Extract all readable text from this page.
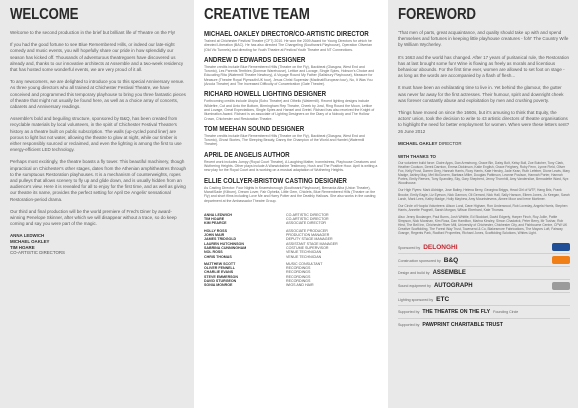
WELCOME

Welcome to the second production in the brief but brilliant life of Theatre on the Fly!

If you had the good fortune to see Blue Remembered Hills, or indeed our late-night comedy and music events, you will hopefully share our pride in how splendidly our season has kicked off. Thousands of adventurous theatregoers have discovered us already and, thanks to our innovative architects at Assemble and a two-week residency that has hosted some wonderful events, we are very proud of it all.

To any newcomers, we are delighted to introduce you to this special Anniversary venue. As three young directors who all trained at Chichester Festival Theatre, we have conceived and programmed this temporary playhouse to bring you three fantastic pieces of theatre that might not usually be found here, as well as a choice array of concerts, cabarets and Anniversary readings.

Assemble's bold and beguiling structure, sponsored by B&Q, has been created from recyclable materials by local volunteers, in the spirit of Chichester Festival Theatre's history as a theatre built on public subscription. The walls (up-cycled pond liner) are porous to light but not water, allowing the theatre to glow at night, while our timber is either responsibly sourced or reclaimed, and even the lighting is among the first to use energy-efficient LED technology.

Perhaps most excitingly, the theatre boasts a fly tower. This beautiful machinery, though impractical on Chichester's other stages, dates from the Athenian amphitheatres through to the sumptuous Restoration playhouses. It is a mechanism of counterweights, ropes and pulleys that allows scenery to fly up and glide down, and is usually hidden from an audience's view. Here it is revealed for all to enjoy for the first time, and as well as giving our theatre its name, provides the perfect setting for April De Angelis' sensational Restoration-period drama.

Our third and final production will be the world premiere of Fred's Diner by award-winning Penelope Skinner, after which we will disappear without a trace, so do keep coming and say you were part of the magic.

ANNA LEDWICH
MICHAEL OAKLEY
TIM HOARE
CO-ARTISTIC DIRECTORS
CREATIVE TEAM
MICHAEL OAKLEY DIRECTOR/CO-ARTISTIC DIRECTOR
Trained at Chichester Festival Theatre (CFT) 2010. He won the 2009 Award for Young Directors for which he directed Liberation (BAC). He has also directed The Changeling (Southwark Playhouse), Operation Oliverian (Old Vic Tunnels) and directing for Youth Theatre at Festival Youth Theatre and NT Connections.
ANDREW D EDWARDS DESIGNER
Theatre credits include Blue Remembered Hills (Theatre on the Fly), Backbeat (Glasgow, West End and Toronto), Les Parents Terribles (Donmar Warehouse), Lettice and Lovage, Single Spies, Hobson's Choice and Educating Rita (Watermill Theatre Newbury), A Voyage Round My Father (Salisbury Playhouse), Measure for Measure (Theatre Royal Plymouth/UK tour), Jesus Christ Superstar (Madinat/European tour), No, It Was You (Arcola Theatre) and The Increased Difficulty of Concentration (Gate Theatre).
RICHARD HOWELL LIGHTING DESIGNER
Forthcoming credits include Utopia (Soho Theatre) and Othello (Watermill). Recent lighting designs include Wildefire, Cut and Unto the Bottom, Birmingham Rep Theatre, Cheek by Jowl, Ring Round the Moon, Lettice and Lovage, Great Expectations, Single Spies and Hansel and Gretel. Richard has also received the Knight of Illumination Award. Richard is an associate of Lighting Designers on the Diary of a Nobody and The Hollow Crown, Chichester and Restoration Theatre.
TOM MEEHAN SOUND DESIGNER
Theatre credits include Blue Remembered Hills (Theatre on the Fly), Backbeat (Glasgow, West End and Toronto), Ghost Stories, The Sleeping Beauty, Danny the Champion of the World and Hamlet (Watermill Theatre).
APRIL DE ANGELIS AUTHOR
Recent work includes Jumpy (Royal Court Theatre), A Laughing Matter, Ironmistress, Playhouse Creatures and Wuthering Heights. Other plays include A Warwickshire Testimony, Hush and The Positive Hour. April is writing a new play for the Royal Court and is working on a musical adaptation of Wuthering Heights.
ELLIE COLLYER-BRISTOW CASTING DESIGNER
As Casting Director: Four Nights in Knaresborough (Southwark Playhouse), Bernarda Alba (Union Theatre), Marat/Sade (Kilburn), Dream Lover, Fair Ophelia, Little Gem, Chiclets, Blue Remembered Hills (Theatre on the Fly) and short films including Love Me and Harry Potter and the Deathly Hallows. She also works in the casting department at the Ambassador Theatre Group.
ANNA LEDWICH	CO-ARTISTIC DIRECTOR
TIM HOARE	CO-ARTISTIC DIRECTOR
KIM PEARCE	ASSOCIATE DIRECTOR
HOLLY ROSS	ASSOCIATE PRODUCER
JOHN MAIR	PRODUCTION MANAGER
JAMES TRIDGOLD	DEPUTY STAGE MANAGER
LAUREN HUTCHINSON	ASSISTANT STAGE MANAGER
SABRINA CUNNINGHAM	COSTUME SUPERVISOR
NOL ROSS	VENUE TECHNICIAN
CHRIS THOMAS	VENUE TECHNICIAN
MATTHEW SCOTT	MUSIC CONSULTANT
OLIVER FENNELL	RECORDINGS
CHARLIE EVANS	RECORDINGS
STEVE EMMERSON	RECORDINGS
DAVID STURGEON	RECORDINGS
SONIA MONROE	WIGS AND HAIR
FOREWORD

'That men of parts, great acquaintance, and quality should take up with and spend themselves and fortunes in keeping little playhouse creatures - foh!' The Country Wife by William Wycherley.

It's 1663 and the world has changed. After 17 years of puritanical rule, the Restoration has at last brought some fun! Wine is flowing as freely as morals and licentious behaviour abounds. For the first time ever, women are allowed to set foot on stage - as long as the words are accompanied by a flash of flesh...

It must have been an exhilarating time to live in. Yet behind the glamour, the gutter was never far away for the first actresses. Their humour, spirit and downright cheek was forever constantly abuse and exploitation by men and crushing poverty.

Things have moved on since the 1660s, but it's amusing to think that Equity, the actors' union, took the decision to write to 43 artistic directors of theatre organisations to highlight the need for better employment for women. When were these letters sent? 26 June 2012

MICHAEL OAKLEY DIRECTOR
WITH THANKS TO

Our volunteer build force: Claire Apps, Dan Armstrong, Grace Bin, Daisy Bolt, Kelsy Bull, Zoe Butcher, Tony Clark, Heather Coulson, Derek Darnton, Emma Dickinson, Katie English, Grace Feighery, Ruby Fenn, Lynne Field, Oliver Fox, Kelly Frost, Darren Grey, Hannah Harris, Roxy Harris, Kate Hendry, Jade Kean, Ruth Lefeber, Dione Lewis, Mary Madge, Ashley May, Mel McGovern, Barbara Miller, Douglas Pattinson, Leanne Poulson, Hannah Porter, Hannah Portes, Emily Reeves, Tony Spandley, Sky, Gary Shepherd, Jenny Thornhill, Amy Vanderslice, Bernadette Ward, Nyx Woodhouse.

Our High Flyers: Mark Aldridge, Jose Bailey, Helena Berry, Georgina Briggs, Head Girl of WTF, Hang Brix, Frank Brooke, Emily Eagle, Liz Eyeson, Nick Gannon, Oli Gerrard, Nick Hall, Sally Hanson, Eileen Jones, Jo Keegan, Sarah Larch, Mark Lees, Kathy Madge, Holly Mayhew, Amy Mountstevens, Aimee Moor and Irene Mortimer.

Our Circle of Hoopla Volunteers: Alison Lond, Dave Higham, Ron Underwood, Rob Loveday, Angela Harris, Stephen Harris, Annette Pragnell, Sarah Morgan, Wilson Eberhard, Kate Thomas.

Also: Jenny Boulanger, Paul Burns, Josh Whittle, Ed Stoddart, David Edgerly, Harper Finch, Roy Jollie, Pattie Simpson, Nick Morahan, Kim Rosa, Dan Hamilton, Marina Kinsley, Simon Chadwick, Peter Berry, Mr Tushar, Rob Hirst, The Bell Inn, Chichester River Mill, University of Chichester, Chichester City, and Fishbourne Centre, CPW UK Creative Scaffolding, The Forest Way Trust, Townsend & Co, Blakesmore Fabrications, The Mayors Loft, Fairway Grange, Regents Park, Radford Properties, Richard Jones, Scaffolding Solutions, Whites Light.

Sponsored by DELONGHI
Construction sponsored by B&Q
Design and build by ASSEMBLE
Sound equipment by AUTOGRAPH
Lighting sponsored by ETC
Supported by THE THEATRE ON THE FLY Founding Circle
Supported by PAWPRINT CHARITABLE TRUST
